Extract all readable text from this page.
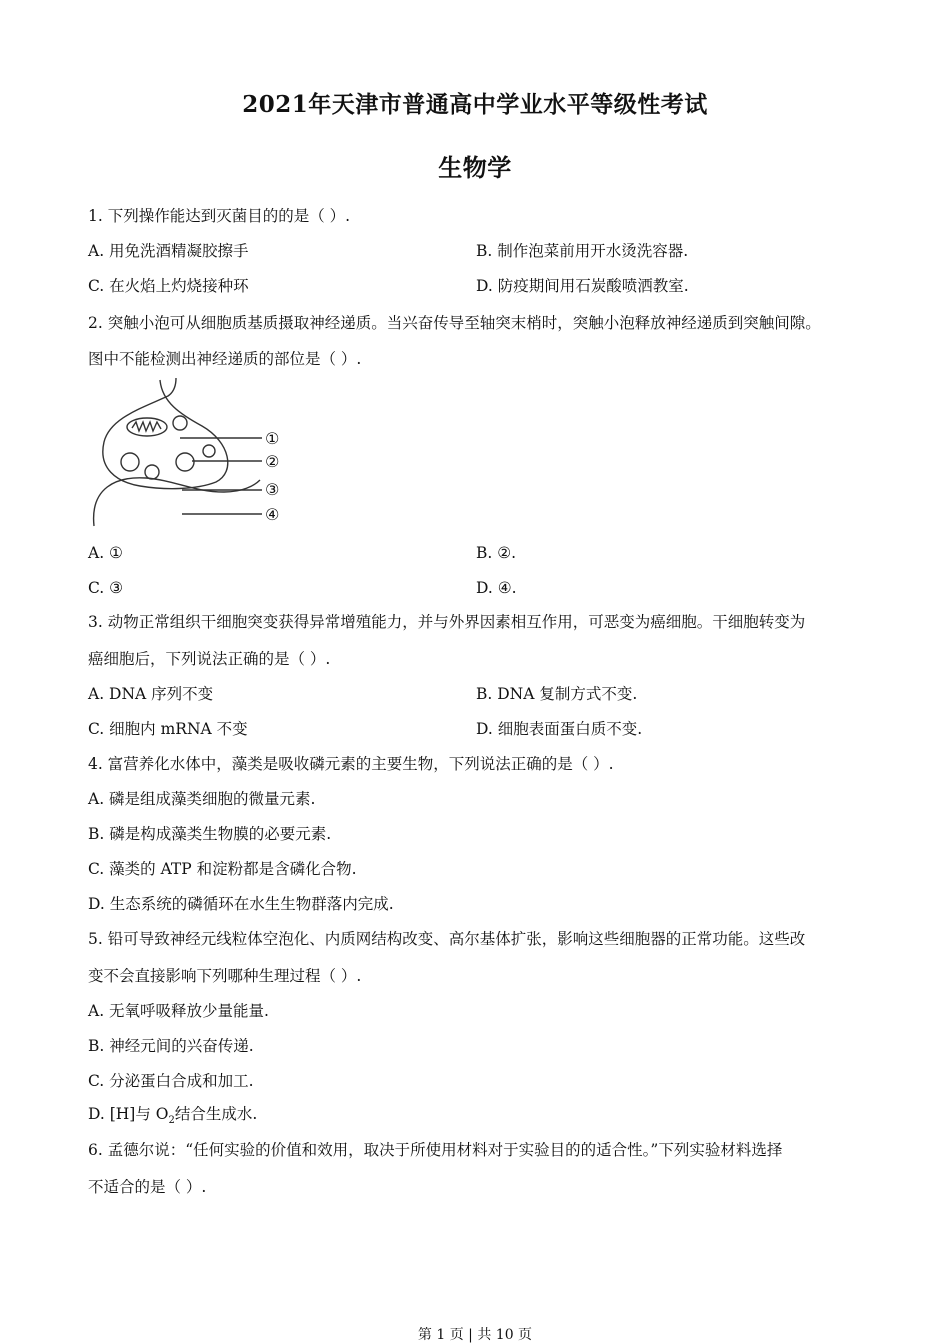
2021年天津市普通高中学业水平等级性考试
生物学
1. 下列操作能达到灭菌目的的是（ ）.
A. 用免洗酒精凝胶擦手	B. 制作泡菜前用开水烫洗容器.
C. 在火焰上灼烧接种环	D. 防疫期间用石炭酸喷洒教室.
2. 突触小泡可从细胞质基质摄取神经递质。当兴奋传导至轴突末梢时，突触小泡释放神经递质到突触间隙。
图中不能检测出神经递质的部位是（ ）.
①
②
③
④
A. ①	B. ②.
C. ③	D. ④.
3. 动物正常组织干细胞突变获得异常增殖能力，并与外界因素相互作用，可恶变为癌细胞。干细胞转变为
癌细胞后，下列说法正确的是（ ）.
A. DNA 序列不变	B. DNA 复制方式不变.
C. 细胞内 mRNA 不变	D. 细胞表面蛋白质不变.
4. 富营养化水体中，藻类是吸收磷元素的主要生物，下列说法正确的是（ ）.
A. 磷是组成藻类细胞的微量元素.
B. 磷是构成藻类生物膜的必要元素.
C. 藻类的 ATP 和淀粉都是含磷化合物.
D. 生态系统的磷循环在水生生物群落内完成.
5. 铅可导致神经元线粒体空泡化、内质网结构改变、高尔基体扩张，影响这些细胞器的正常功能。这些改
变不会直接影响下列哪种生理过程（ ）.
A. 无氧呼吸释放少量能量.
B. 神经元间的兴奋传递.
C. 分泌蛋白合成和加工.
D. [H]与 $O_2$结合生成水.
6. 孟德尔说：“任何实验的价值和效用，取决于所使用材料对于实验目的的适合性。”下列实验材料选择
不适合的是（ ）.
第 1 页 | 共 10 页
